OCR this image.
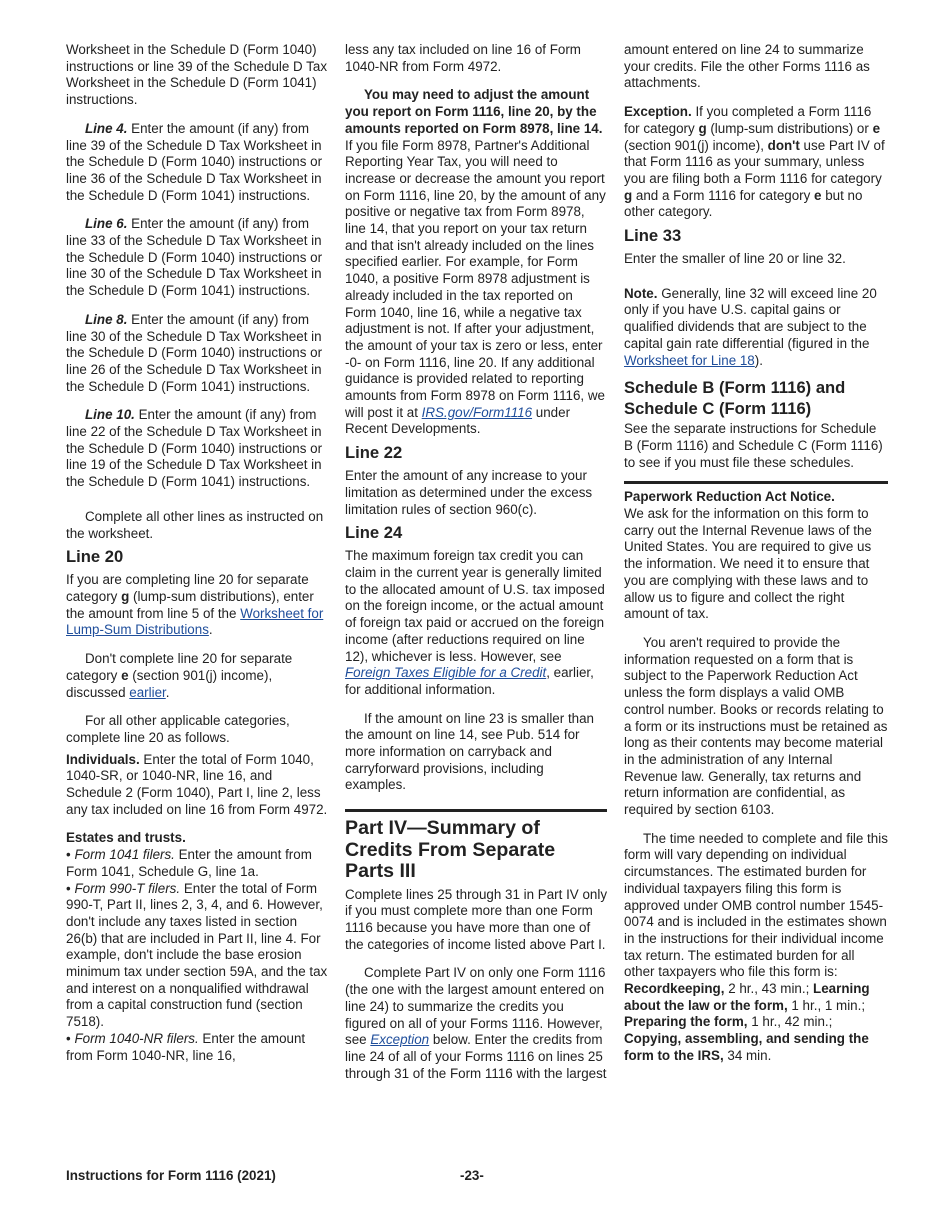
Worksheet in the Schedule D (Form 1040) instructions or line 39 of the Schedule D Tax Worksheet in the Schedule D (Form 1041) instructions.

Line 4. Enter the amount (if any) from line 39 of the Schedule D Tax Worksheet in the Schedule D (Form 1040) instructions or line 36 of the Schedule D Tax Worksheet in the Schedule D (Form 1041) instructions.

Line 6. Enter the amount (if any) from line 33 of the Schedule D Tax Worksheet in the Schedule D (Form 1040) instructions or line 30 of the Schedule D Tax Worksheet in the Schedule D (Form 1041) instructions.

Line 8. Enter the amount (if any) from line 30 of the Schedule D Tax Worksheet in the Schedule D (Form 1040) instructions or line 26 of the Schedule D Tax Worksheet in the Schedule D (Form 1041) instructions.

Line 10. Enter the amount (if any) from line 22 of the Schedule D Tax Worksheet in the Schedule D (Form 1040) instructions or line 19 of the Schedule D Tax Worksheet in the Schedule D (Form 1041) instructions.

Complete all other lines as instructed on the worksheet.

Line 20

If you are completing line 20 for separate category g (lump-sum distributions), enter the amount from line 5 of the Worksheet for Lump-Sum Distributions.

Don't complete line 20 for separate category e (section 901(j) income), discussed earlier.

For all other applicable categories, complete line 20 as follows.

Individuals. Enter the total of Form 1040, 1040-SR, or 1040-NR, line 16, and Schedule 2 (Form 1040), Part I, line 2, less any tax included on line 16 from Form 4972.

Estates and trusts.

• Form 1041 filers. Enter the amount from Form 1041, Schedule G, line 1a.

• Form 990-T filers. Enter the total of Form 990-T, Part II, lines 2, 3, 4, and 6. However, don't include any taxes listed in section 26(b) that are included in Part II, line 4. For example, don't include the base erosion minimum tax under section 59A, and the tax and interest on a nonqualified withdrawal from a capital construction fund (section 7518).

• Form 1040-NR filers. Enter the amount from Form 1040-NR, line 16,

less any tax included on line 16 of Form 1040-NR from Form 4972.

You may need to adjust the amount you report on Form 1116, line 20, by the amounts reported on Form 8978, line 14. If you file Form 8978, Partner's Additional Reporting Year Tax, you will need to increase or decrease the amount you report on Form 1116, line 20, by the amount of any positive or negative tax from Form 8978, line 14, that you report on your tax return and that isn't already included on the lines specified earlier. For example, for Form 1040, a positive Form 8978 adjustment is already included in the tax reported on Form 1040, line 16, while a negative tax adjustment is not. If after your adjustment, the amount of your tax is zero or less, enter -0- on Form 1116, line 20. If any additional guidance is provided related to reporting amounts from Form 8978 on Form 1116, we will post it at IRS.gov/Form1116 under Recent Developments.

Line 22

Enter the amount of any increase to your limitation as determined under the excess limitation rules of section 960(c).

Line 24

The maximum foreign tax credit you can claim in the current year is generally limited to the allocated amount of U.S. tax imposed on the foreign income, or the actual amount of foreign tax paid or accrued on the foreign income (after reductions required on line 12), whichever is less. However, see Foreign Taxes Eligible for a Credit, earlier, for additional information.

If the amount on line 23 is smaller than the amount on line 14, see Pub. 514 for more information on carryback and carryforward provisions, including examples.

Part IV—Summary of Credits From Separate Parts III

Complete lines 25 through 31 in Part IV only if you must complete more than one Form 1116 because you have more than one of the categories of income listed above Part I.

Complete Part IV on only one Form 1116 (the one with the largest amount entered on line 24) to summarize the credits you figured on all of your Forms 1116. However, see Exception below. Enter the credits from line 24 of all of your Forms 1116 on lines 25 through 31 of the Form 1116 with the largest

amount entered on line 24 to summarize your credits. File the other Forms 1116 as attachments.

Exception. If you completed a Form 1116 for category g (lump-sum distributions) or e (section 901(j) income), don't use Part IV of that Form 1116 as your summary, unless you are filing both a Form 1116 for category g and a Form 1116 for category e but no other category.

Line 33

Enter the smaller of line 20 or line 32.

Note. Generally, line 32 will exceed line 20 only if you have U.S. capital gains or qualified dividends that are subject to the capital gain rate differential (figured in the Worksheet for Line 18).

Schedule B (Form 1116) and Schedule C (Form 1116)

See the separate instructions for Schedule B (Form 1116) and Schedule C (Form 1116) to see if you must file these schedules.

Paperwork Reduction Act Notice.

We ask for the information on this form to carry out the Internal Revenue laws of the United States. You are required to give us the information. We need it to ensure that you are complying with these laws and to allow us to figure and collect the right amount of tax.

You aren't required to provide the information requested on a form that is subject to the Paperwork Reduction Act unless the form displays a valid OMB control number. Books or records relating to a form or its instructions must be retained as long as their contents may become material in the administration of any Internal Revenue law. Generally, tax returns and return information are confidential, as required by section 6103.

The time needed to complete and file this form will vary depending on individual circumstances. The estimated burden for individual taxpayers filing this form is approved under OMB control number 1545-0074 and is included in the estimates shown in the instructions for their individual income tax return. The estimated burden for all other taxpayers who file this form is: Recordkeeping, 2 hr., 43 min.; Learning about the law or the form, 1 hr., 1 min.; Preparing the form, 1 hr., 42 min.; Copying, assembling, and sending the form to the IRS, 34 min.

Instructions for Form 1116 (2021)	-23-
